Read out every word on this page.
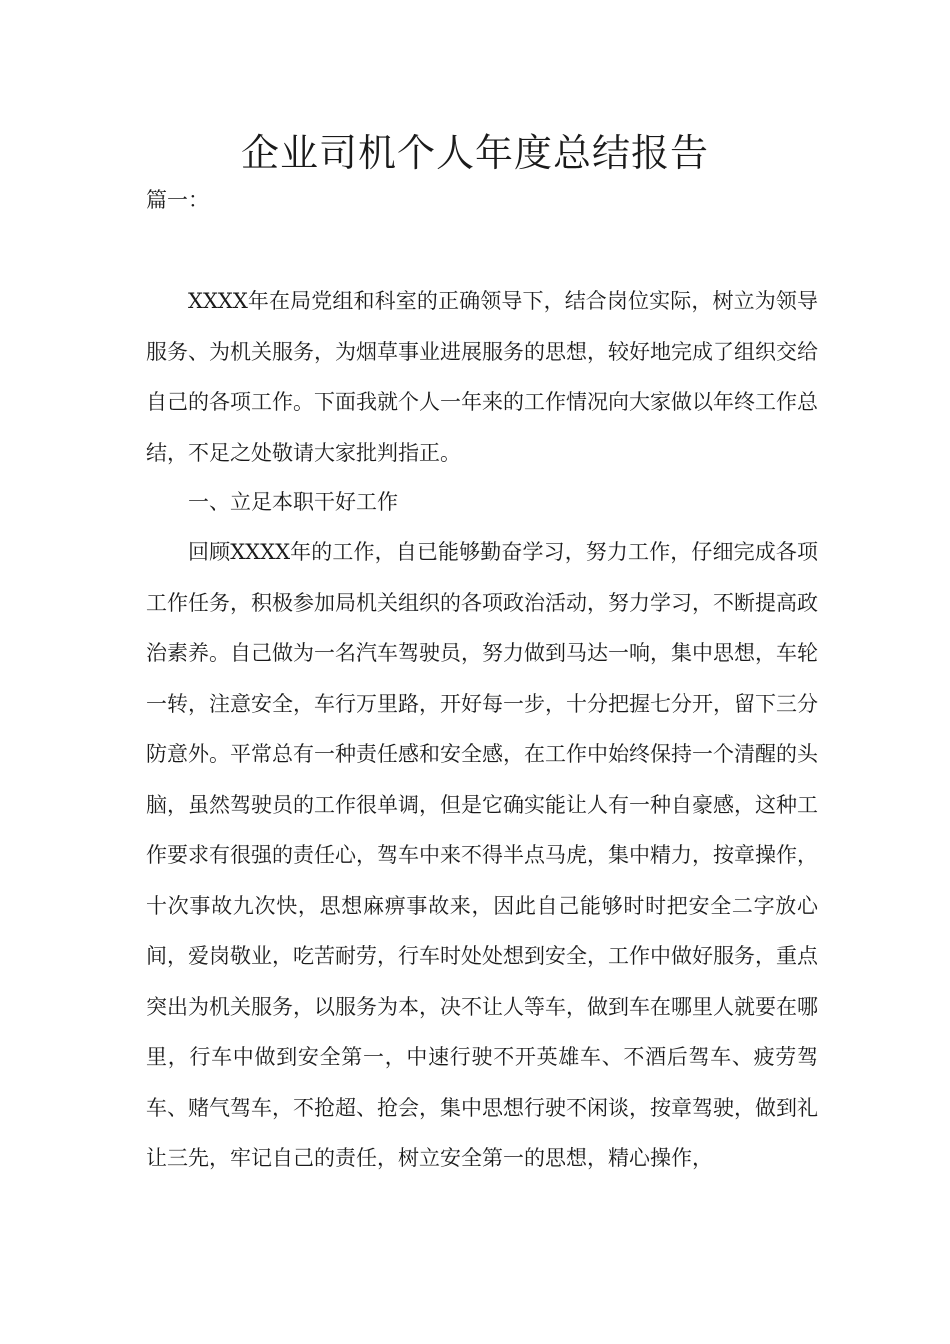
企业司机个人年度总结报告
篇一：

XXXX年在局党组和科室的正确领导下，结合岗位实际，树立为领导服务、为机关服务，为烟草事业进展服务的思想，较好地完成了组织交给自己的各项工作。下面我就个人一年来的工作情况向大家做以年终工作总结，不足之处敬请大家批判指正。

一、立足本职干好工作

回顾XXXX年的工作，自已能够勤奋学习，努力工作，仔细完成各项工作任务，积极参加局机关组织的各项政治活动，努力学习，不断提高政治素养。自己做为一名汽车驾驶员，努力做到马达一响，集中思想，车轮一转，注意安全，车行万里路，开好每一步，十分把握七分开，留下三分防意外。平常总有一种责任感和安全感，在工作中始终保持一个清醒的头脑，虽然驾驶员的工作很单调，但是它确实能让人有一种自豪感，这种工作要求有很强的责任心，驾车中来不得半点马虎，集中精力，按章操作，十次事故九次快，思想麻痹事故来，因此自己能够时时把安全二字放心间，爱岗敬业，吃苦耐劳，行车时处处想到安全，工作中做好服务，重点突出为机关服务，以服务为本，决不让人等车，做到车在哪里人就要在哪里，行车中做到安全第一，中速行驶不开英雄车、不酒后驾车、疲劳驾车、赌气驾车，不抢超、抢会，集中思想行驶不闲谈，按章驾驶，做到礼让三先，牢记自己的责任，树立安全第一的思想，精心操作，
